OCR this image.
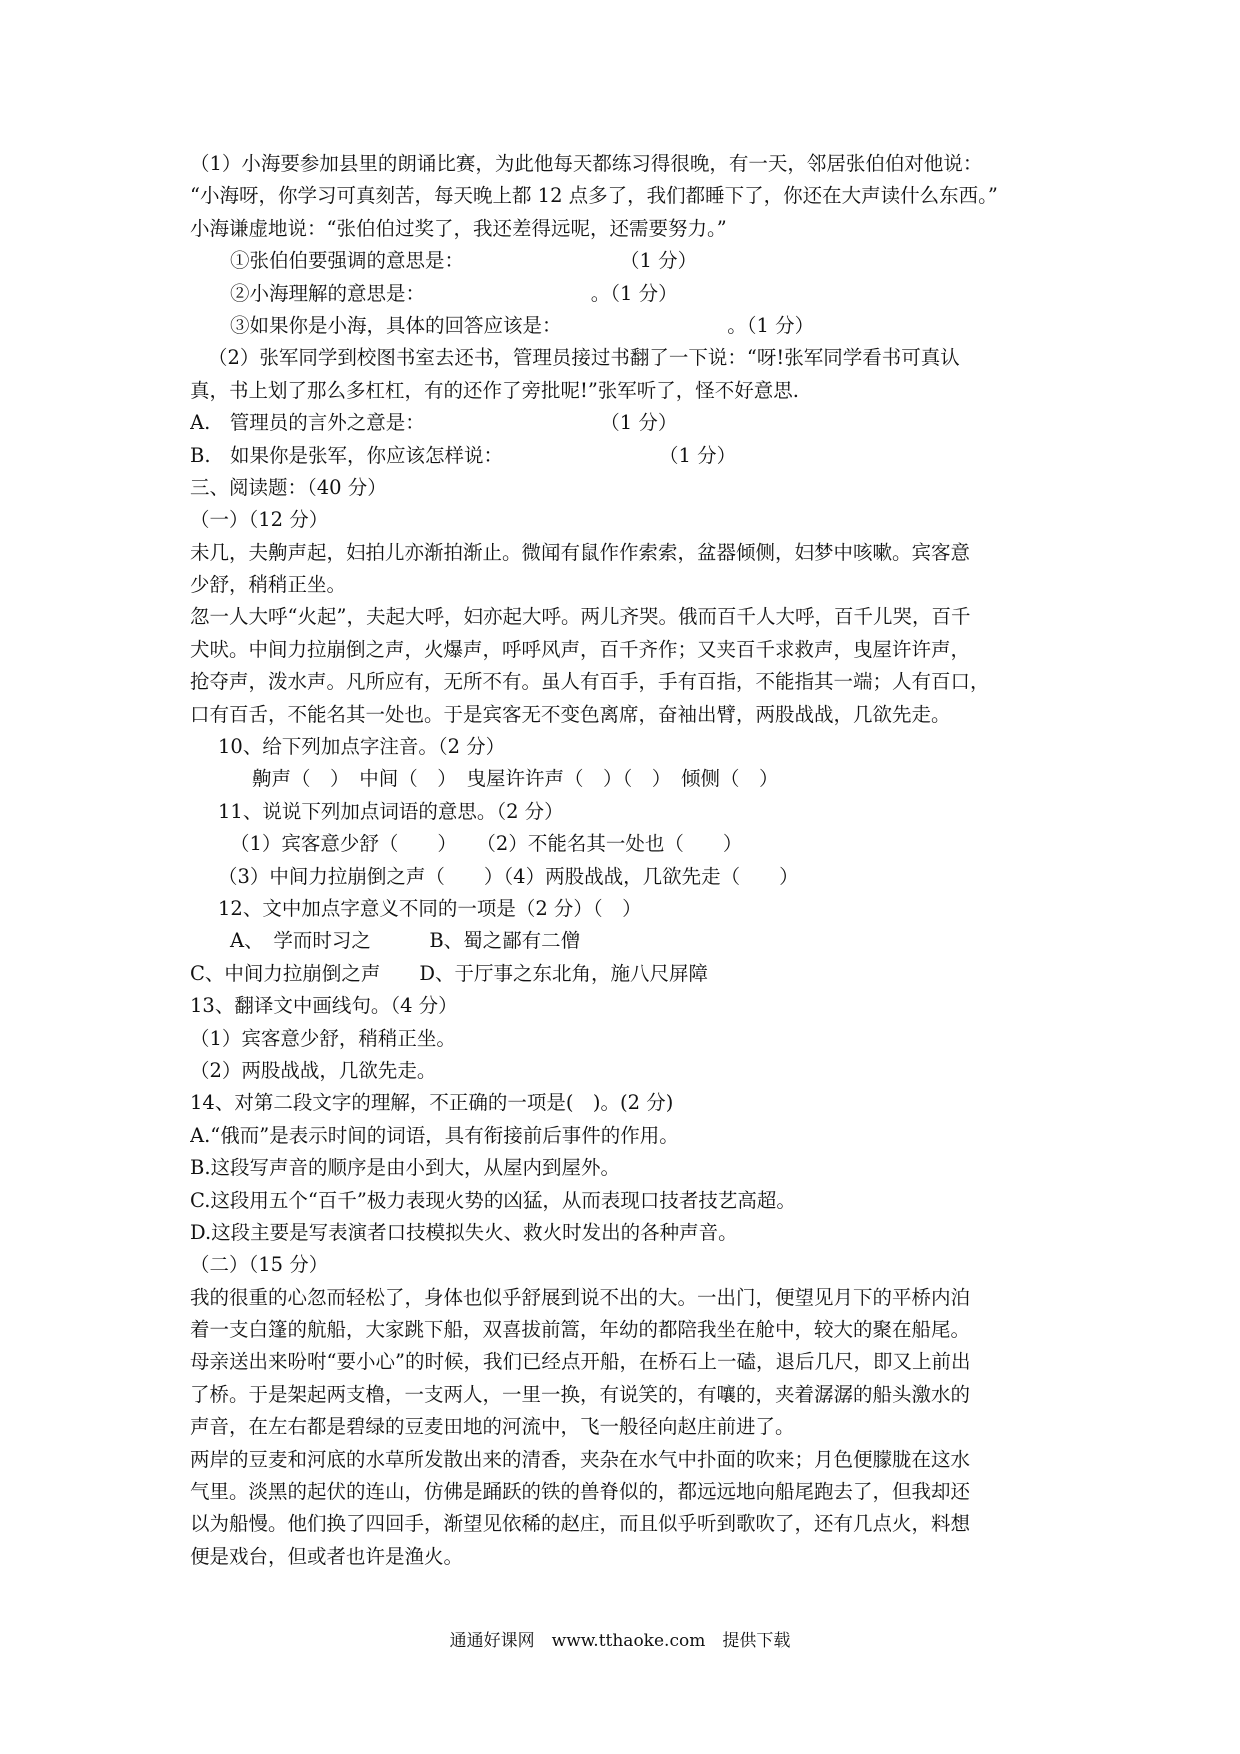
（1）小海要参加县里的朗诵比赛，为此他每天都练习得很晚，有一天，邻居张伯伯对他说：
“小海呀，你学习可真刻苦，每天晚上都 12 点多了，我们都睡下了，你还在大声读什么东西。”
小海谦虚地说：“张伯伯过奖了，我还差得远呢，还需要努力。”
①张伯伯要强调的意思是：　　　　　　　　　（1 分）
②小海理解的意思是：　　　　　　　　　。（1 分）
③如果你是小海，具体的回答应该是：　　　　　　　　　。（1 分）
（2）张军同学到校图书室去还书，管理员接过书翻了一下说：“呀!张军同学看书可真认
真，书上划了那么多杠杠，有的还作了旁批呢!”张军听了，怪不好意思.
A.　管理员的言外之意是：　　　　　　　　　　（1 分）
B.　如果你是张军，你应该怎样说：　　　　　　　　　（1 分）
三、阅读题：（40 分）
（一）（12 分）
未几，夫齁声起，妇拍儿亦渐拍渐止。微闻有鼠作作索索，盆器倾侧，妇梦中咳嗽。宾客意
少舒，稍稍正坐。
忽一人大呼“火起”，夫起大呼，妇亦起大呼。两儿齐哭。俄而百千人大呼，百千儿哭，百千
犬吠。中间力拉崩倒之声，火爆声，呼呼风声，百千齐作；又夹百千求救声，曳屋许许声，
抢夺声，泼水声。凡所应有，无所不有。虽人有百手，手有百指，不能指其一端；人有百口，
口有百舌，不能名其一处也。于是宾客无不变色离席，奋袖出臂，两股战战，几欲先走。
10、给下列加点字注音。（2 分）
齁声（　）　中间（　）　曳屋许许声（　）（　）　倾侧（　）
11、说说下列加点词语的意思。（2 分）
（1）宾客意少舒（　　）　　（2）不能名其一处也（　　）
（3）中间力拉崩倒之声（　　）（4）两股战战，几欲先走（　　）
12、文中加点字意义不同的一项是（2 分）（　）
A、　学而时习之　　　B、蜀之鄙有二僧
C、中间力拉崩倒之声　　D、于厅事之东北角，施八尺屏障
13、翻译文中画线句。（4 分）
（1）宾客意少舒，稍稍正坐。
（2）两股战战，几欲先走。
14、对第二段文字的理解，不正确的一项是(　)。(2 分)
A.“俄而”是表示时间的词语，具有衔接前后事件的作用。
B.这段写声音的顺序是由小到大，从屋内到屋外。
C.这段用五个“百千”极力表现火势的凶猛，从而表现口技者技艺高超。
D.这段主要是写表演者口技模拟失火、救火时发出的各种声音。
（二）（15 分）
我的很重的心忽而轻松了，身体也似乎舒展到说不出的大。一出门，便望见月下的平桥内泊
着一支白篷的航船，大家跳下船，双喜拔前篙，年幼的都陪我坐在舱中，较大的聚在船尾。
母亲送出来吩咐“要小心”的时候，我们已经点开船，在桥石上一磕，退后几尺，即又上前出
了桥。于是架起两支橹，一支两人，一里一换，有说笑的，有嚷的，夹着潺潺的船头激水的
声音，在左右都是碧绿的豆麦田地的河流中，飞一般径向赵庄前进了。
两岸的豆麦和河底的水草所发散出来的清香，夹杂在水气中扑面的吹来；月色便朦胧在这水
气里。淡黑的起伏的连山，仿佛是踊跃的铁的兽脊似的，都远远地向船尾跑去了，但我却还
以为船慢。他们换了四回手，渐望见依稀的赵庄，而且似乎听到歌吹了，还有几点火，料想
便是戏台，但或者也许是渔火。
通通好课网　www.tthaoke.com　提供下载
